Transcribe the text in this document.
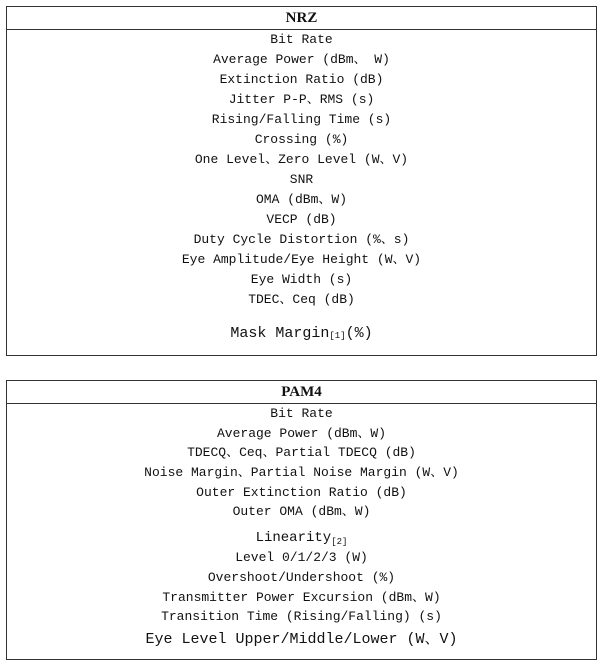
NRZ
Bit Rate
Average Power (dBm、 W)
Extinction Ratio (dB)
Jitter P-P、RMS (s)
Rising/Falling Time (s)
Crossing (%)
One Level、Zero Level (W、V)
SNR
OMA (dBm、W)
VECP (dB)
Duty Cycle Distortion (%、s)
Eye Amplitude/Eye Height (W、V)
Eye Width (s)
TDEC、Ceq (dB)
Mask Margin[1](%)
PAM4
Bit Rate
Average Power (dBm、W)
TDECQ、Ceq、Partial TDECQ (dB)
Noise Margin、Partial Noise Margin (W、V)
Outer Extinction Ratio (dB)
Outer OMA (dBm、W)
Linearity[2]
Level 0/1/2/3 (W)
Overshoot/Undershoot (%)
Transmitter Power Excursion (dBm、W)
Transition Time (Rising/Falling) (s)
Eye Level Upper/Middle/Lower (W、V)
